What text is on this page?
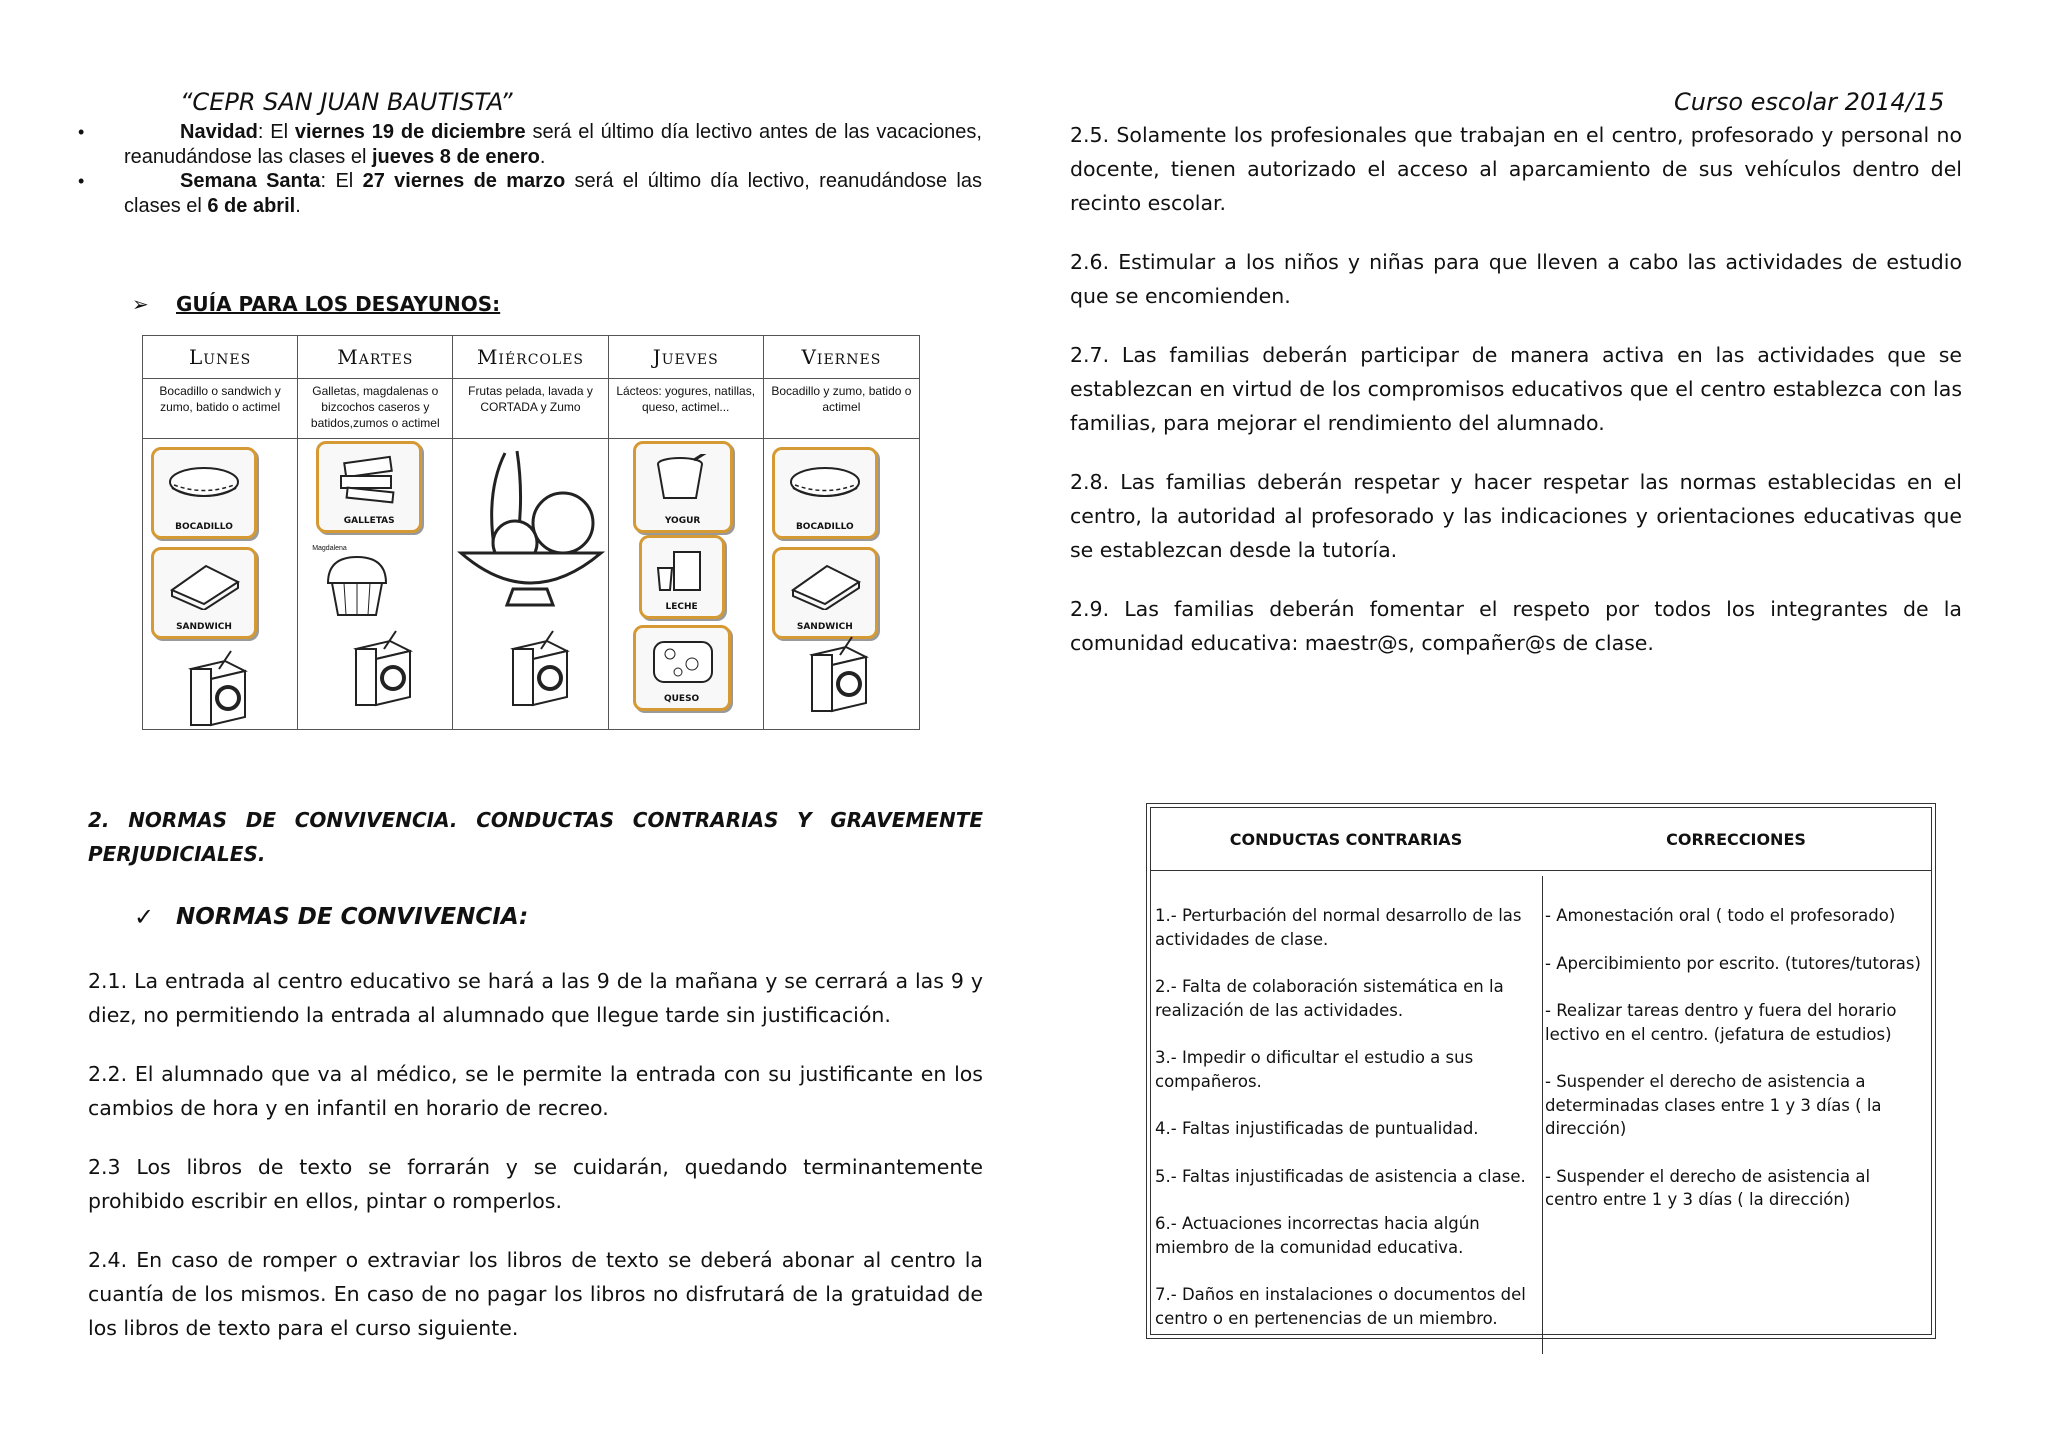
“CEPR SAN JUAN BAUTISTA”	Curso escolar 2014/15
• Navidad: El viernes 19 de diciembre será el último día lectivo antes de las vacaciones, reanudándose las clases el jueves 8 de enero.
• Semana Santa: El 27 viernes de marzo será el último día lectivo, reanudándose las clases el 6 de abril.
➢ GUÍA PARA LOS DESAYUNOS:
Lunes
Bocadillo o sandwich y zumo, batido o actimel
BOCADILLO
SANDWICH
Martes
Galletas, magdalenas o bizcochos caseros y batidos,zumos o actimel
GALLETAS
Magdalena
Miércoles
Frutas pelada, lavada y CORTADA y Zumo
Jueves
Lácteos: yogures, natillas, queso, actimel...
YOGUR
LECHE
QUESO
Viernes
Bocadillo y zumo, batido o actimel
BOCADILLO
SANDWICH
2. NORMAS DE CONVIVENCIA. CONDUCTAS CONTRARIAS Y GRAVEMENTE
PERJUDICIALES.
✓ NORMAS DE CONVIVENCIA:
2.1. La entrada al centro educativo se hará a las 9 de la mañana y se cerrará a las 9 y diez, no permitiendo la entrada al alumnado que llegue tarde sin justificación.
2.2. El alumnado que va al médico, se le permite la entrada con su justificante en los cambios de hora y en infantil en horario de recreo.
2.3 Los libros de texto se forrarán y se cuidarán, quedando terminantemente prohibido escribir en ellos, pintar o romperlos.
2.4. En caso de romper o extraviar los libros de texto se deberá abonar al centro la cuantía de los mismos. En caso de no pagar los libros no disfrutará de la gratuidad de los libros de texto para el curso siguiente.
2.5. Solamente los profesionales que trabajan en el centro, profesorado y personal no docente, tienen autorizado el acceso al aparcamiento de sus vehículos dentro del recinto escolar.
2.6. Estimular a los niños y niñas para que lleven a cabo las actividades de estudio que se encomienden.
2.7. Las familias deberán participar de manera activa en las actividades que se establezcan en virtud de los compromisos educativos que el centro establezca con las familias, para mejorar el rendimiento del alumnado.
2.8. Las familias deberán respetar y hacer respetar las normas establecidas en el centro, la autoridad al profesorado y las indicaciones y orientaciones educativas que se establezcan desde la tutoría.
2.9. Las familias deberán fomentar el respeto por todos los integrantes de la comunidad educativa: maestr@s, compañer@s de clase.
CONDUCTAS CONTRARIAS	CORRECCIONES
1.- Perturbación del normal desarrollo de las actividades de clase.
2.- Falta de colaboración sistemática en la realización de las actividades.
3.- Impedir o dificultar el estudio a sus compañeros.
4.- Faltas injustificadas de puntualidad.
5.- Faltas injustificadas de asistencia a clase.
6.- Actuaciones incorrectas hacia algún miembro de la comunidad educativa.
7.- Daños en instalaciones o documentos del centro o en pertenencias de un miembro.
- Amonestación oral ( todo el profesorado)
- Apercibimiento por escrito. (tutores/tutoras)
- Realizar tareas dentro y fuera del horario lectivo en el centro. (jefatura de estudios)
- Suspender el derecho de asistencia a determinadas clases entre 1 y 3 días ( la dirección)
- Suspender el derecho de asistencia al centro entre 1 y 3 días ( la dirección)
